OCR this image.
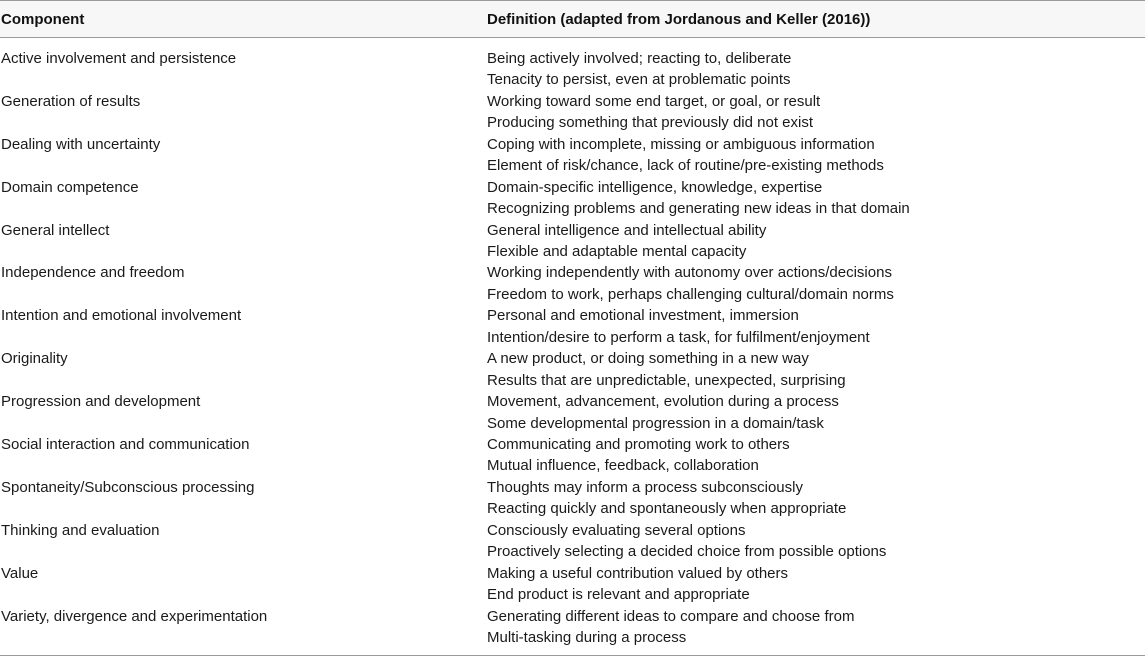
Component	Definition (adapted from Jordanous and Keller (2016))
Active involvement and persistence	Being actively involved; reacting to, deliberate
Tenacity to persist, even at problematic points
Generation of results	Working toward some end target, or goal, or result
Producing something that previously did not exist
Dealing with uncertainty	Coping with incomplete, missing or ambiguous information
Element of risk/chance, lack of routine/pre-existing methods
Domain competence	Domain-specific intelligence, knowledge, expertise
Recognizing problems and generating new ideas in that domain
General intellect	General intelligence and intellectual ability
Flexible and adaptable mental capacity
Independence and freedom	Working independently with autonomy over actions/decisions
Freedom to work, perhaps challenging cultural/domain norms
Intention and emotional involvement	Personal and emotional investment, immersion
Intention/desire to perform a task, for fulfilment/enjoyment
Originality	A new product, or doing something in a new way
Results that are unpredictable, unexpected, surprising
Progression and development	Movement, advancement, evolution during a process
Some developmental progression in a domain/task
Social interaction and communication	Communicating and promoting work to others
Mutual influence, feedback, collaboration
Spontaneity/Subconscious processing	Thoughts may inform a process subconsciously
Reacting quickly and spontaneously when appropriate
Thinking and evaluation	Consciously evaluating several options
Proactively selecting a decided choice from possible options
Value	Making a useful contribution valued by others
End product is relevant and appropriate
Variety, divergence and experimentation	Generating different ideas to compare and choose from
Multi-tasking during a process
